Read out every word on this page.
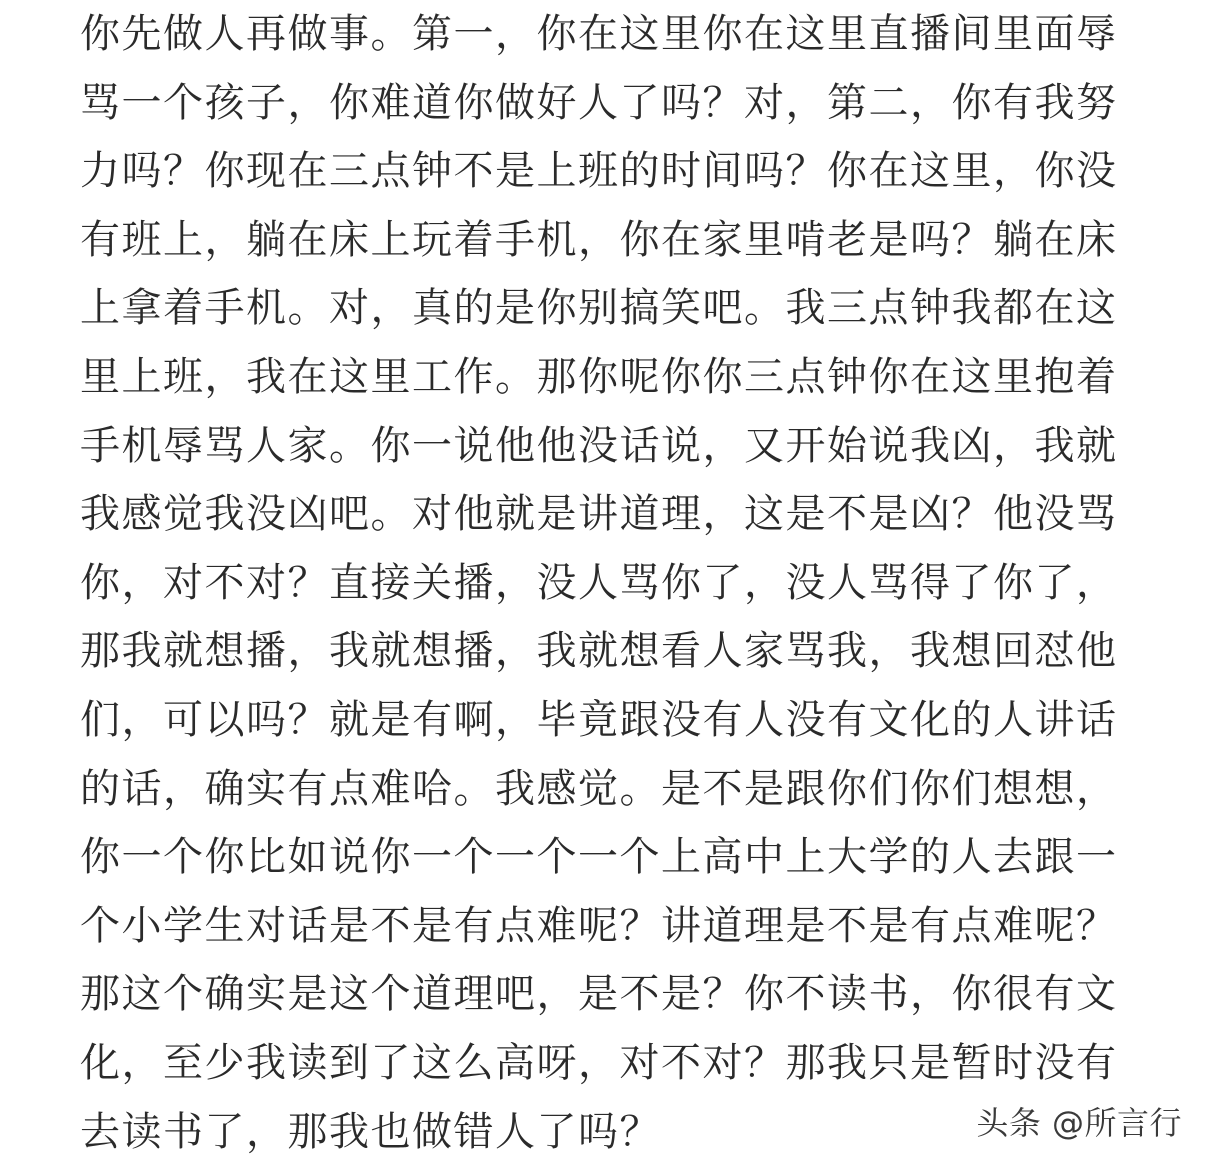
你先做人再做事。第一，你在这里你在这里直播间里面辱
骂一个孩子，你难道你做好人了吗？对，第二，你有我努
力吗？你现在三点钟不是上班的时间吗？你在这里，你没
有班上，躺在床上玩着手机，你在家里啃老是吗？躺在床
上拿着手机。对，真的是你别搞笑吧。我三点钟我都在这
里上班，我在这里工作。那你呢你你三点钟你在这里抱着
手机辱骂人家。你一说他他没话说，又开始说我凶，我就
我感觉我没凶吧。对他就是讲道理，这是不是凶？他没骂
你，对不对？直接关播，没人骂你了，没人骂得了你了，
那我就想播，我就想播，我就想看人家骂我，我想回怼他
们，可以吗？就是有啊，毕竟跟没有人没有文化的人讲话
的话，确实有点难哈。我感觉。是不是跟你们你们想想，
你一个你比如说你一个一个一个上高中上大学的人去跟一
个小学生对话是不是有点难呢？讲道理是不是有点难呢？
那这个确实是这个道理吧，是不是？你不读书，你很有文
化，至少我读到了这么高呀，对不对？那我只是暂时没有
去读书了，那我也做错人了吗？	头条 @所言行
